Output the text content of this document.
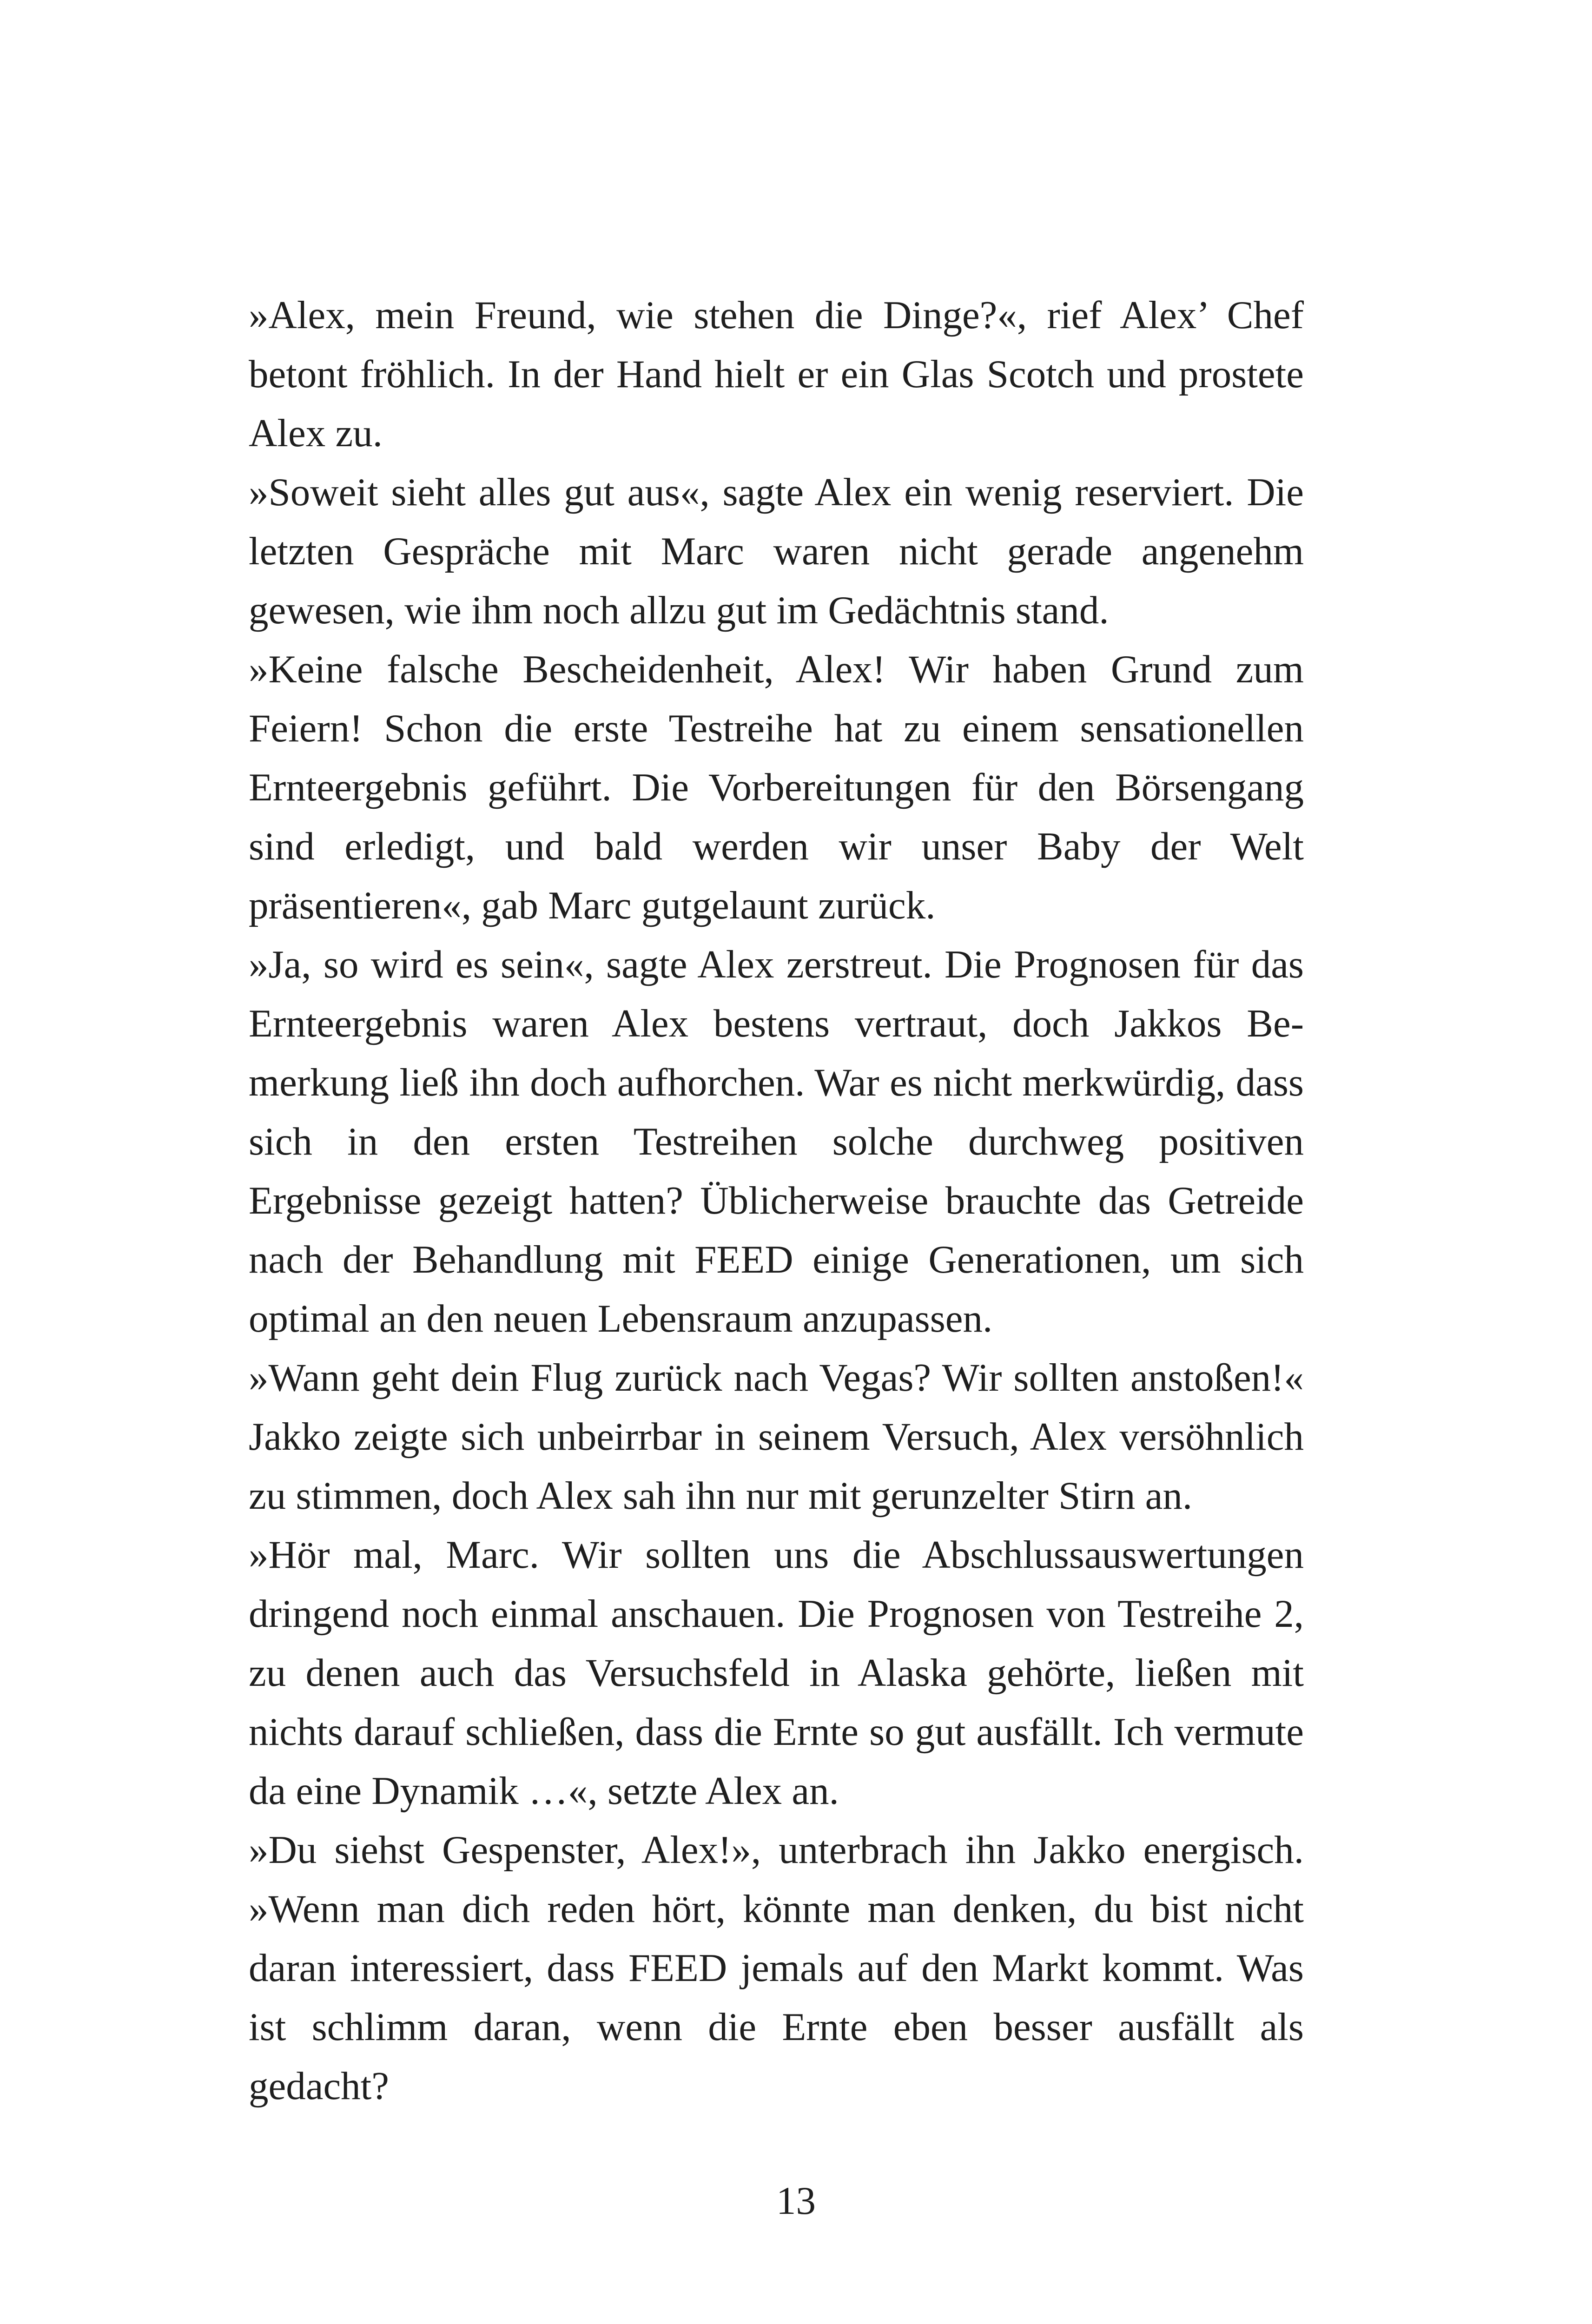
»Alex, mein Freund, wie stehen die Dinge?«, rief Alex’ Chef betont fröhlich. In der Hand hielt er ein Glas Scotch und prostete Alex zu.

»Soweit sieht alles gut aus«, sagte Alex ein wenig reserviert. Die letzten Gespräche mit Marc waren nicht gerade angenehm gewesen, wie ihm noch allzu gut im Gedächtnis stand.

»Keine falsche Bescheidenheit, Alex! Wir haben Grund zum Feiern! Schon die erste Testreihe hat zu einem sensationellen Ernteergebnis geführt. Die Vorbereitungen für den Börsengang sind erledigt, und bald werden wir unser Baby der Welt präsentieren«, gab Marc gutgelaunt zurück.

»Ja, so wird es sein«, sagte Alex zerstreut. Die Prognosen für das Ernteergebnis waren Alex bestens vertraut, doch Jakkos Bemerkung ließ ihn doch aufhorchen. War es nicht merkwürdig, dass sich in den ersten Testreihen solche durchweg positiven Ergebnisse gezeigt hatten? Üblicherweise brauchte das Getreide nach der Behandlung mit FEED einige Generationen, um sich optimal an den neuen Lebensraum anzupassen.

»Wann geht dein Flug zurück nach Vegas? Wir sollten anstoßen!« Jakko zeigte sich unbeirrbar in seinem Versuch, Alex versöhnlich zu stimmen, doch Alex sah ihn nur mit gerunzelter Stirn an.

»Hör mal, Marc. Wir sollten uns die Abschlussauswertungen dringend noch einmal anschauen. Die Prognosen von Testreihe 2, zu denen auch das Versuchsfeld in Alaska gehörte, ließen mit nichts darauf schließen, dass die Ernte so gut ausfällt. Ich vermute da eine Dynamik …«, setzte Alex an.

»Du siehst Gespenster, Alex!», unterbrach ihn Jakko energisch. »Wenn man dich reden hört, könnte man denken, du bist nicht daran interessiert, dass FEED jemals auf den Markt kommt. Was ist schlimm daran, wenn die Ernte eben besser ausfällt als gedacht?

13
